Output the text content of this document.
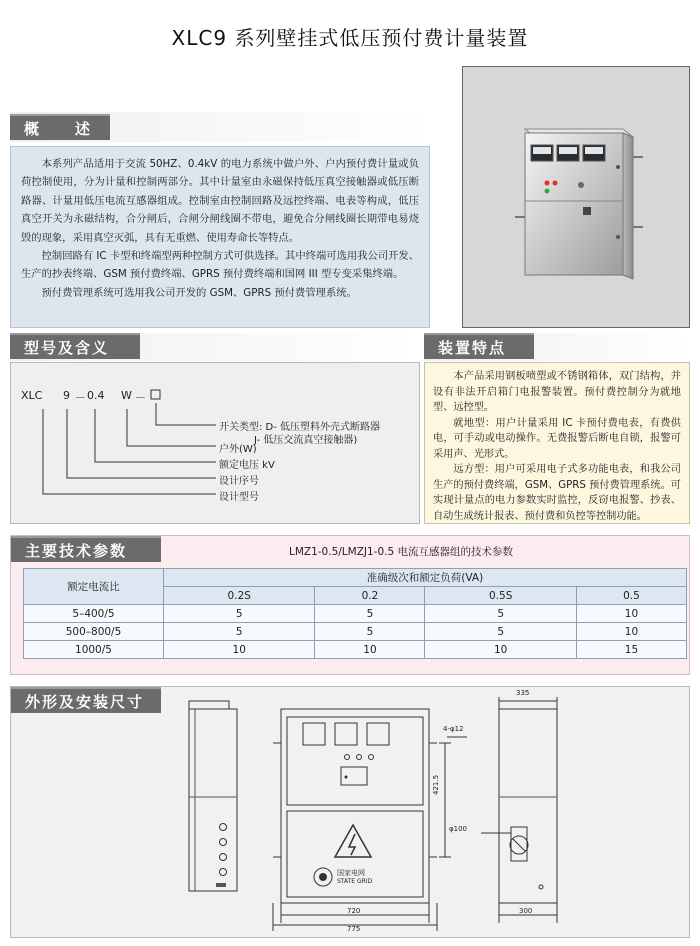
XLC9 系列壁挂式低压预付费计量装置
概　　述

本系列产品适用于交流 50HZ、0.4kV 的电力系统中做户外、户内预付费计量或负荷控制使用，分为计量和控制两部分。其中计量室由永磁保持低压真空接触器或低压断路器、计量用低压电流互感器组成。控制室由控制回路及远控终端、电表等构成，低压真空开关为永磁结构，合分闸后，合闸分闸线圈不带电，避免合分闸线圈长期带电易烧毁的现象，采用真空灭弧，具有无重燃、使用寿命长等特点。

控制回路有 IC 卡型和终端型两种控制方式可供选择。其中终端可选用我公司开发、生产的抄表终端、GSM 预付费终端、GPRS 预付费终端和国网 III 型专变采集终端。

预付费管理系统可选用我公司开发的 GSM、GPRS 预付费管理系统。

型号及含义
XLC 9 － 0.4 W －
开关类型: D- 低压塑料外壳式断路器
J- 低压交流真空接触器)
户外(W)
额定电压 kV
设计序号
设计型号
装置特点

本产品采用钢板喷塑或不锈钢箱体，双门结构，并设有非法开启箱门电报警装置。预付费控制分为就地型、远控型。

就地型：用户计量采用 IC 卡预付费电表，有费供电，可手动或电动操作。无费报警后断电自锁，报警可采用声、光形式。

远方型：用户可采用电子式多功能电表，和我公司生产的预付费终端，GSM、GPRS 预付费管理系统。可实现计量点的电力参数实时监控，反窃电报警、抄表、自动生成统计报表、预付费和负控等控制功能。

主要技术参数	LMZ1-0.5/LMZJ1-0.5 电流互感器组的技术参数
额定电流比	准确级次和额定负荷(VA)			
	0.2S	0.2	0.5S	0.5
5–400/5	5	5	5	10
500–800/5	5	5	5	10
1000/5	10	10	10	15
外形及安装尺寸	335
720
775
300
4-φ12
φ100
421.5
国家电网
STATE GRID
